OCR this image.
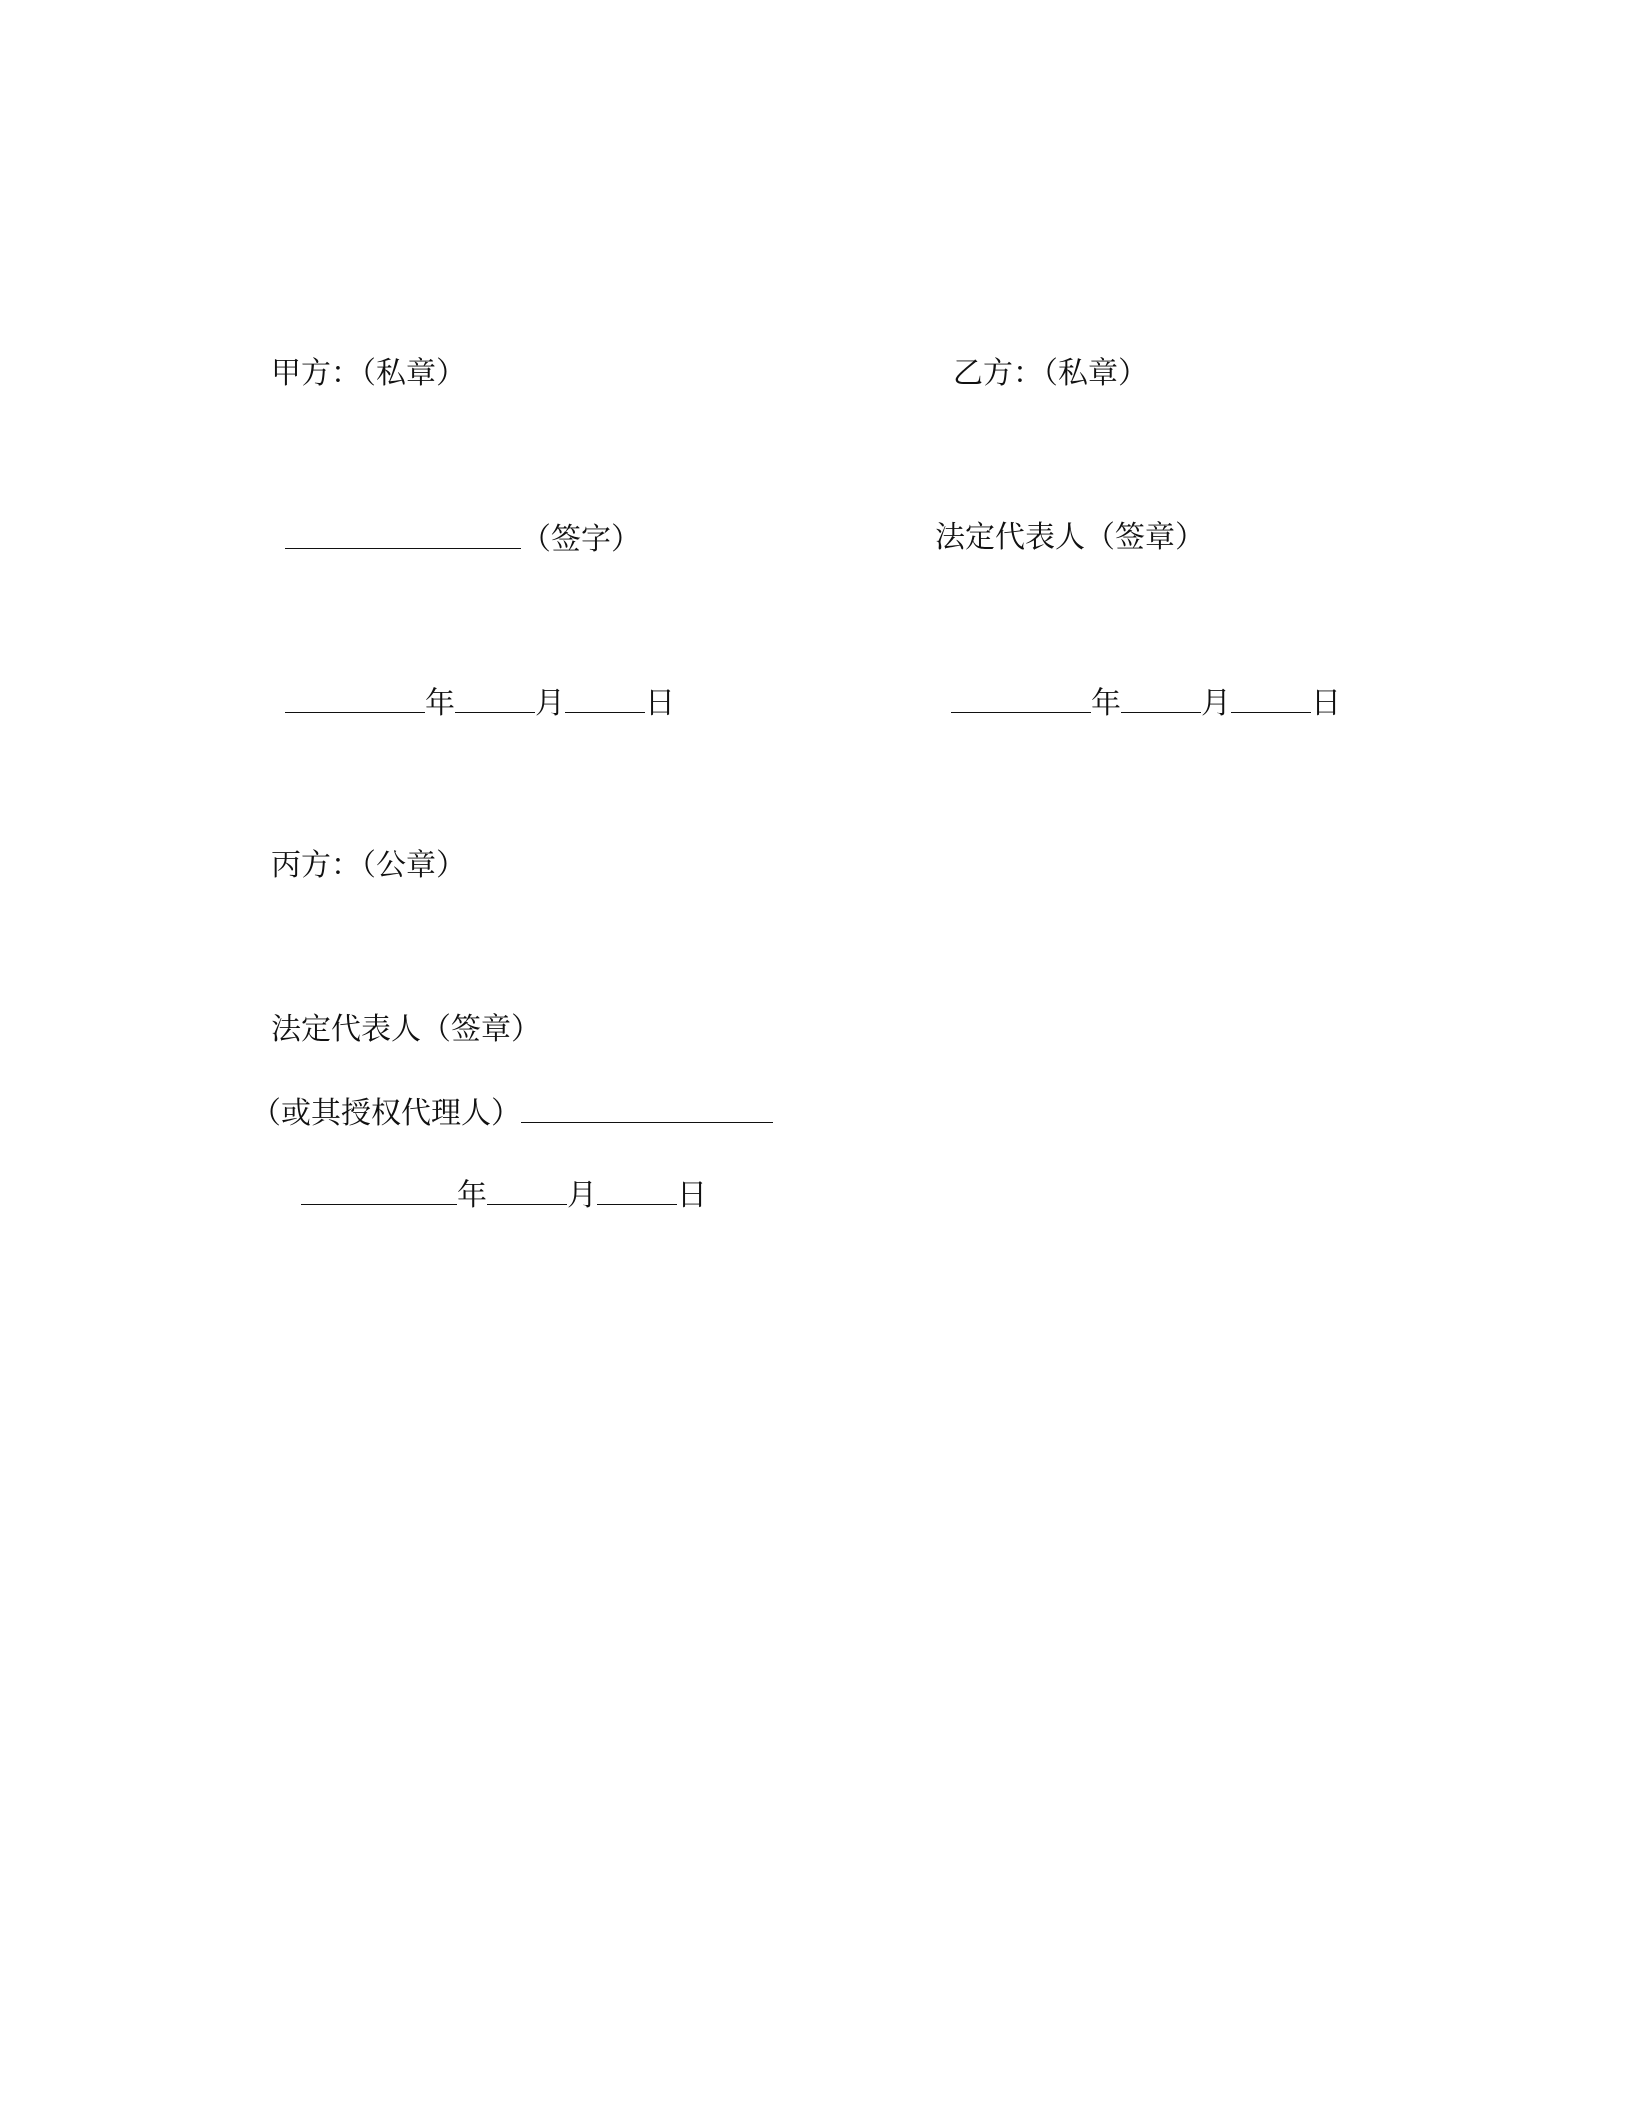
甲方：（私章）
（签字）
年	月	日
乙方：（私章）
法定代表人（签章）
年	月	日
丙方：（公章）
法定代表人（签章）
（或其授权代理人）
年	月	日
